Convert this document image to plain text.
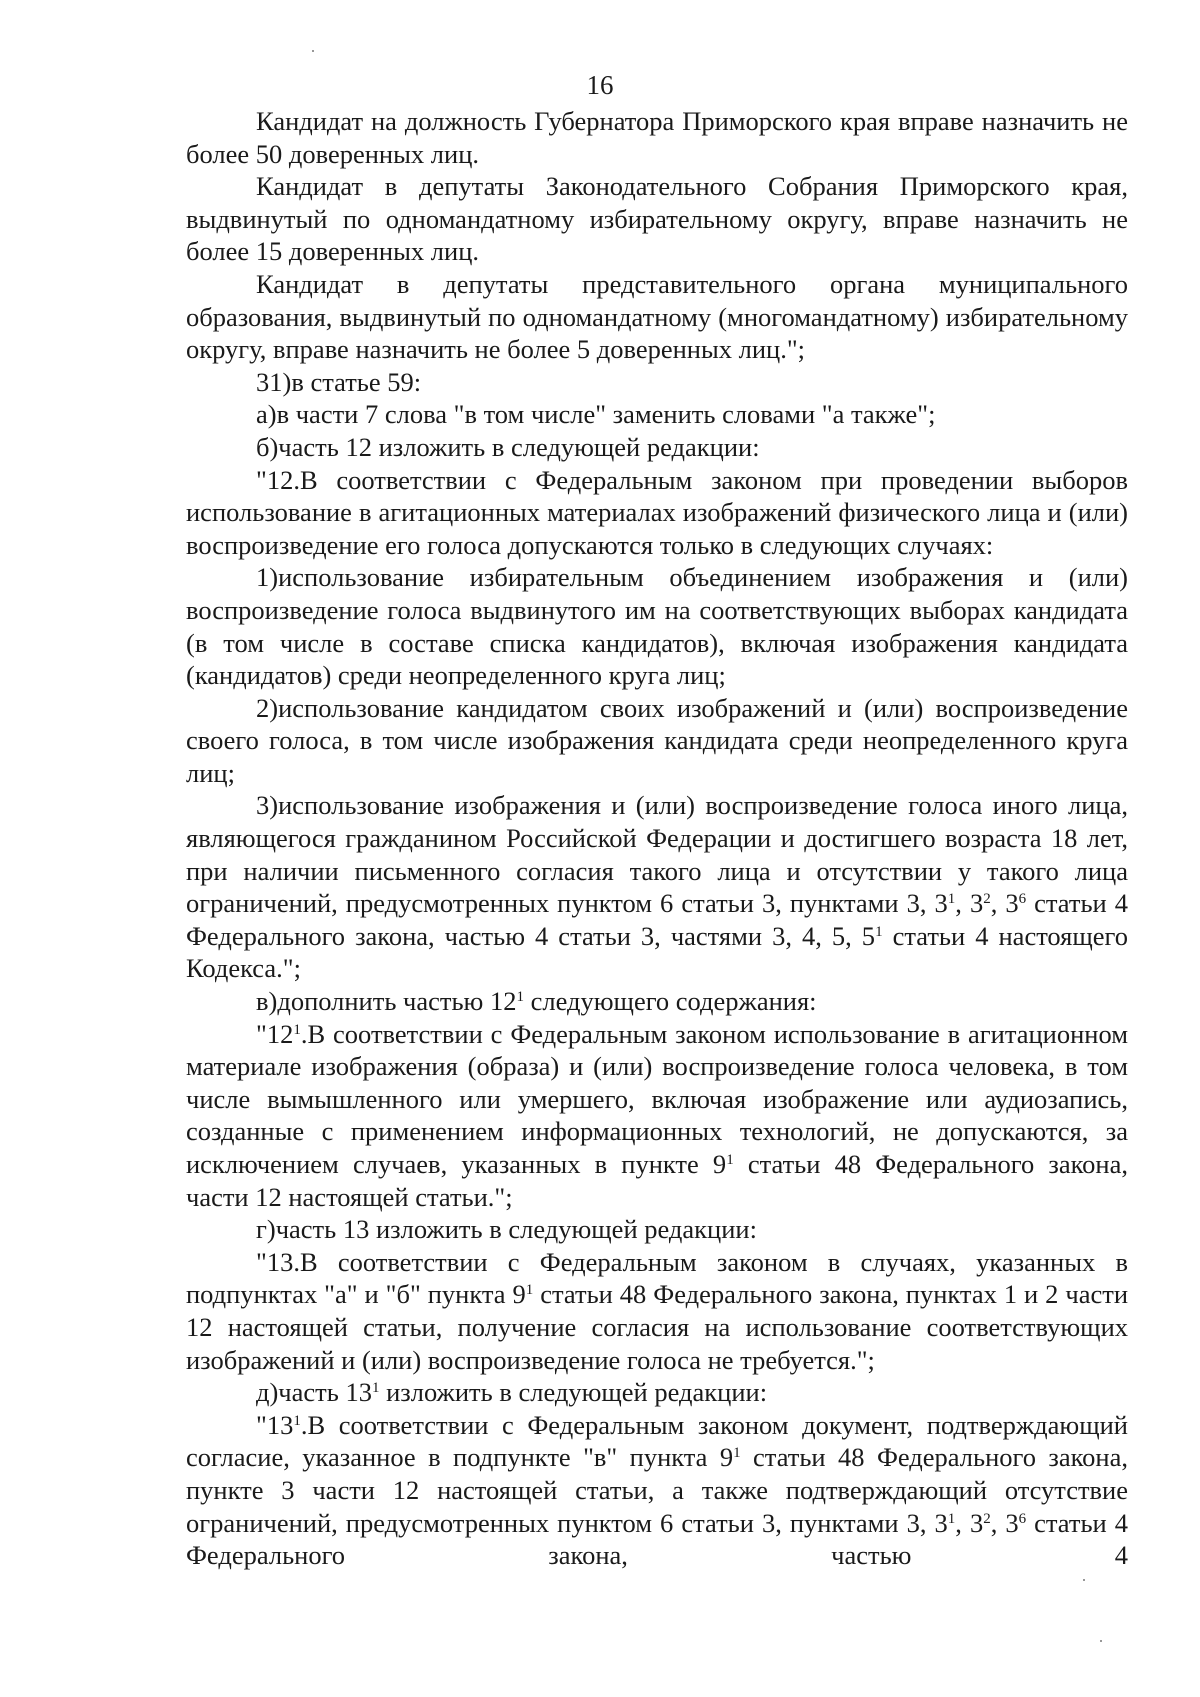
16

Кандидат на должность Губернатора Приморского края вправе назначить не более 50 доверенных лиц.

Кандидат в депутаты Законодательного Собрания Приморского края, выдвинутый по одномандатному избирательному округу, вправе назначить не более 15 доверенных лиц.

Кандидат в депутаты представительного органа муниципального образования, выдвинутый по одномандатному (многомандатному) избирательному округу, вправе назначить не более 5 доверенных лиц.";

31)в статье 59:

а)в части 7 слова "в том числе" заменить словами "а также";

б)часть 12 изложить в следующей редакции:

"12.В соответствии с Федеральным законом при проведении выборов использование в агитационных материалах изображений физического лица и (или) воспроизведение его голоса допускаются только в следующих случаях:

1)использование избирательным объединением изображения и (или) воспроизведение голоса выдвинутого им на соответствующих выборах кандидата (в том числе в составе списка кандидатов), включая изображения кандидата (кандидатов) среди неопределенного круга лиц;

2)использование кандидатом своих изображений и (или) воспроизведение своего голоса, в том числе изображения кандидата среди неопределенного круга лиц;

3)использование изображения и (или) воспроизведение голоса иного лица, являющегося гражданином Российской Федерации и достигшего возраста 18 лет, при наличии письменного согласия такого лица и отсутствии у такого лица ограничений, предусмотренных пунктом 6 статьи 3, пунктами 3, $3^1$, $3^2$, $3^6$ статьи 4 Федерального закона, частью 4 статьи 3, частями 3, 4, 5, $5^1$ статьи 4 настоящего Кодекса.";

в)дополнить частью $12^1$ следующего содержания:

"$12^1.В$ соответствии с Федеральным законом использование в агитационном материале изображения (образа) и (или) воспроизведение голоса человека, в том числе вымышленного или умершего, включая изображение или аудиозапись, созданные с применением информационных технологий, не допускаются, за исключением случаев, указанных в пункте $9^1$ статьи 48 Федерального закона, части 12 настоящей статьи.";

г)часть 13 изложить в следующей редакции:

"13.В соответствии с Федеральным законом в случаях, указанных в подпунктах "а" и "б" пункта $9^1$ статьи 48 Федерального закона, пунктах 1 и 2 части 12 настоящей статьи, получение согласия на использование соответствующих изображений и (или) воспроизведение голоса не требуется.";

д)часть $13^1$ изложить в следующей редакции:

"$13^1.В$ соответствии с Федеральным законом документ, подтверждающий согласие, указанное в подпункте "в" пункта $9^1$ статьи 48 Федерального закона, пункте 3 части 12 настоящей статьи, а также подтверждающий отсутствие ограничений, предусмотренных пунктом 6 статьи 3, пунктами 3, $3^1$, $3^2$, $3^6$ статьи 4 Федерального закона, частью 4
